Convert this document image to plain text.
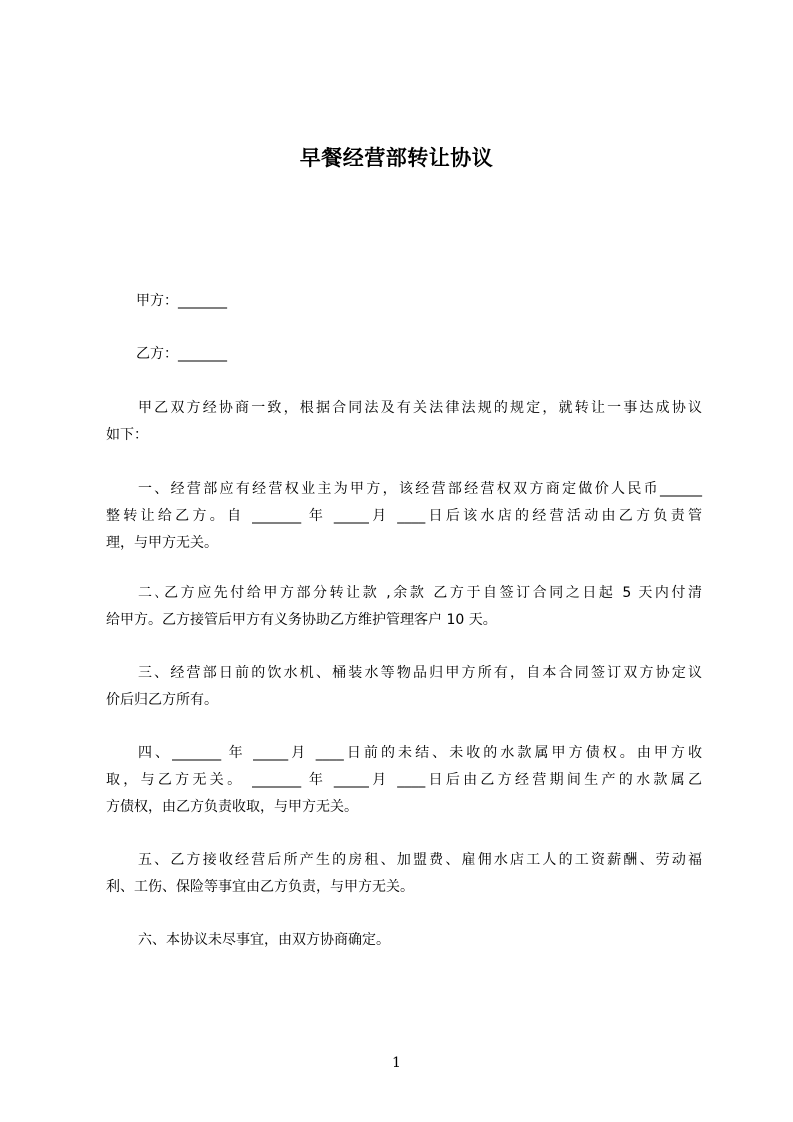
早餐经营部转让协议
甲方：_______
乙方：_______
甲乙双方经协商一致，根据合同法及有关法律法规的规定，就转让一事达成协议
如下：
一、经营部应有经营权业主为甲方，该经营部经营权双方商定做价人民币______
整转让给乙方。自 _______ 年 _____月 ____日后该水店的经营活动由乙方负责管
理，与甲方无关。
二､乙方应先付给甲方部分转让款 ,余款 乙方于自签订合同之日起 5 天内付清
给甲方。乙方接管后甲方有义务协助乙方维护管理客户 10 天。
三、经营部日前的饮水机、桶装水等物品归甲方所有，自本合同签订双方协定议
价后归乙方所有。
四、_______ 年 _____月 ____日前的未结、未收的水款属甲方债权。由甲方收
取，与乙方无关。 _______ 年 _____月 ____日后由乙方经营期间生产的水款属乙
方债权，由乙方负责收取，与甲方无关。
五、乙方接收经营后所产生的房租、加盟费、雇佣水店工人的工资薪酬、劳动福
利、工伤、保险等事宜由乙方负责，与甲方无关。
六、本协议未尽事宜，由双方协商确定。
1
